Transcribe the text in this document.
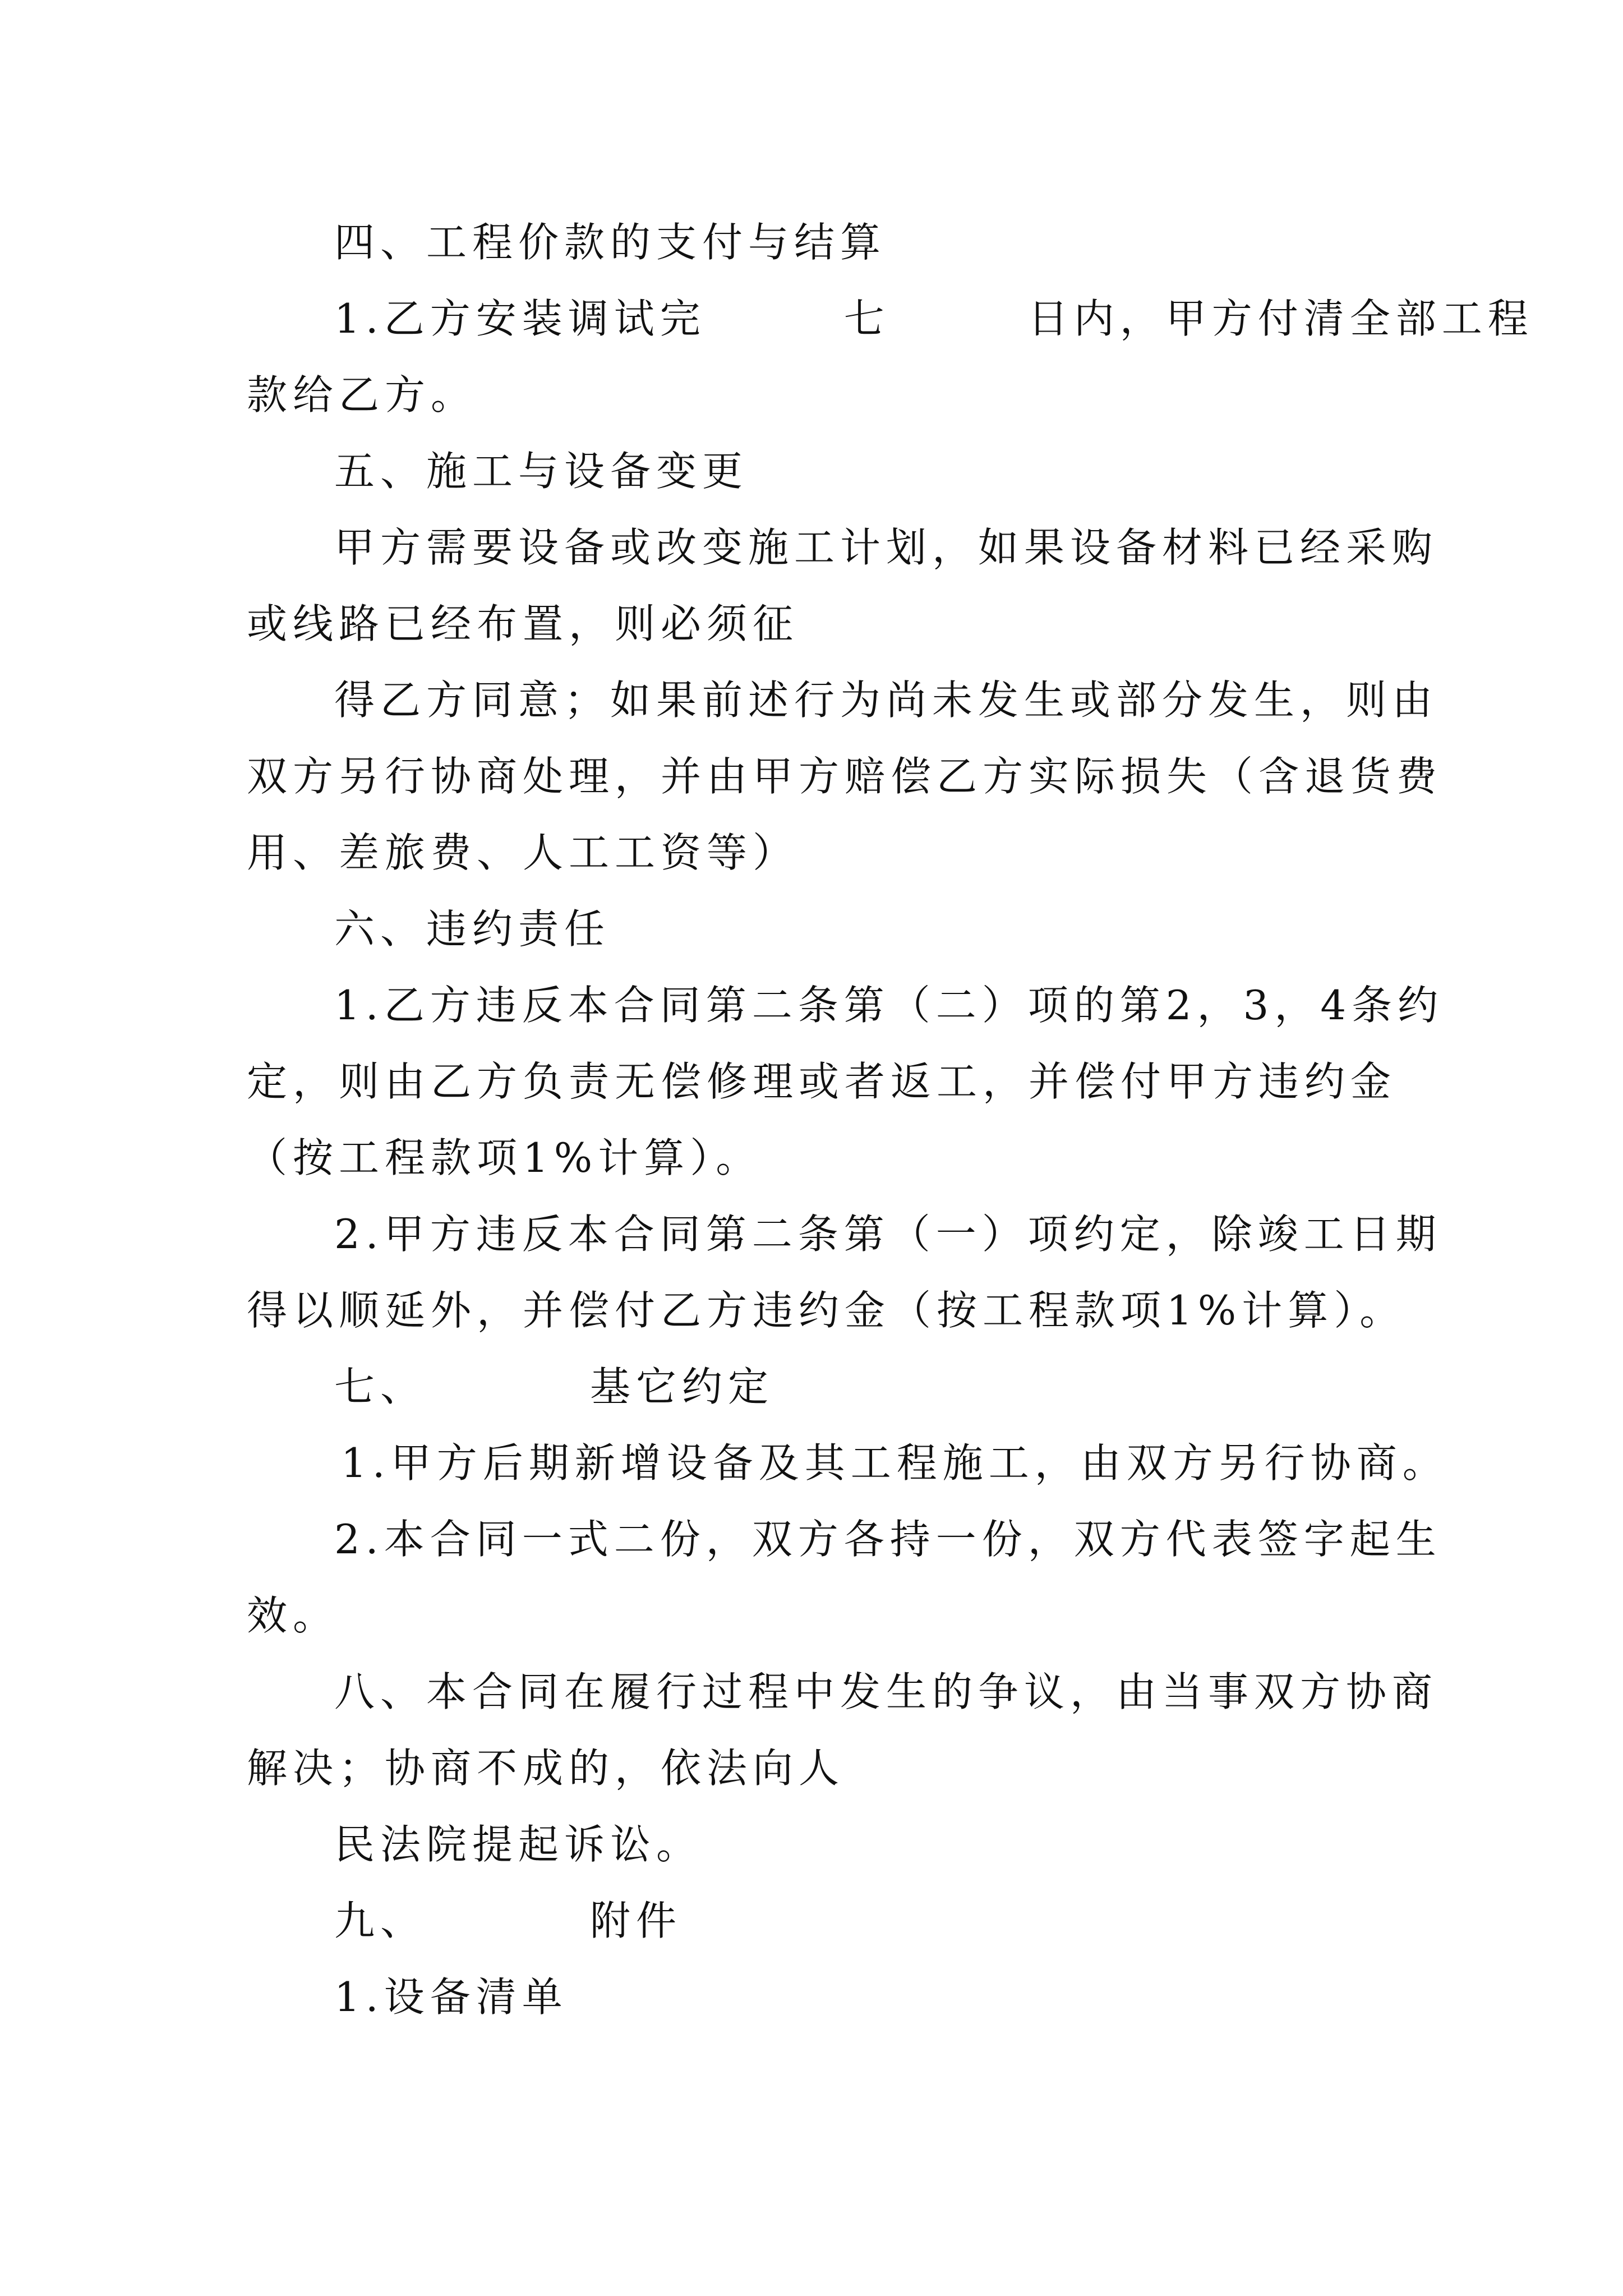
四、工程价款的支付与结算
1.乙方安装调试完　　　七　　　日内，甲方付清全部工程
款给乙方。
五、施工与设备变更
甲方需要设备或改变施工计划，如果设备材料已经采购
或线路已经布置，则必须征
得乙方同意；如果前述行为尚未发生或部分发生，则由
双方另行协商处理，并由甲方赔偿乙方实际损失（含退货费
用、差旅费、人工工资等）
六、违约责任
1.乙方违反本合同第二条第（二）项的第2，3，4条约
定，则由乙方负责无偿修理或者返工，并偿付甲方违约金
（按工程款项1%计算）。
2.甲方违反本合同第二条第（一）项约定，除竣工日期
得以顺延外，并偿付乙方违约金（按工程款项1%计算）。
七、　　　　基它约定
1.甲方后期新增设备及其工程施工，由双方另行协商。
2.本合同一式二份，双方各持一份，双方代表签字起生
效。
八、本合同在履行过程中发生的争议，由当事双方协商
解决；协商不成的，依法向人
民法院提起诉讼。
九、　　　　附件
1.设备清单
